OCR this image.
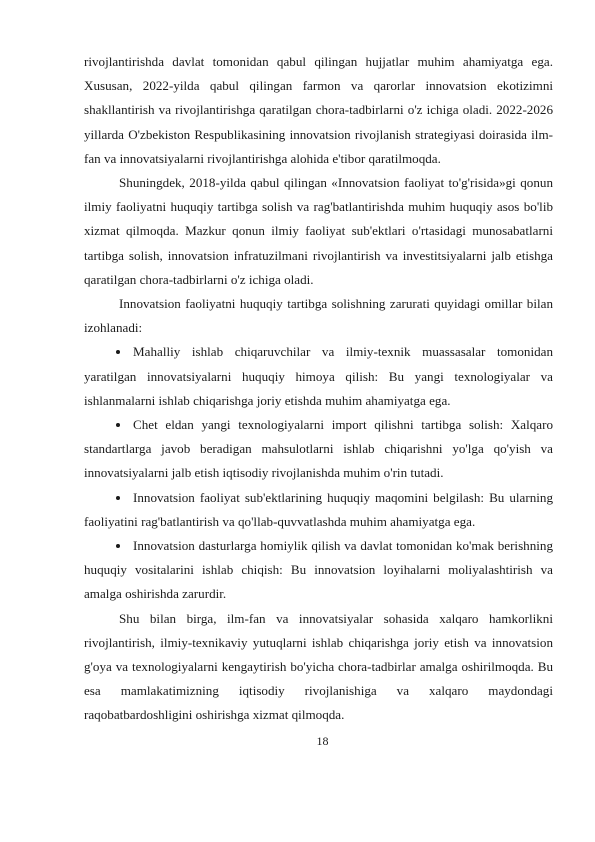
rivojlantirishda davlat tomonidan qabul qilingan hujjatlar muhim ahamiyatga ega. Xususan, 2022-yilda qabul qilingan farmon va qarorlar innovatsion ekotizimni shakllantirish va rivojlantirishga qaratilgan chora-tadbirlarni o'z ichiga oladi. 2022-2026 yillarda O'zbekiston Respublikasining innovatsion rivojlanish strategiyasi doirasida ilm-fan va innovatsiyalarni rivojlantirishga alohida e'tibor qaratilmoqda.

Shuningdek, 2018-yilda qabul qilingan «Innovatsion faoliyat to'g'risida»gi qonun ilmiy faoliyatni huquqiy tartibga solish va rag'batlantirishda muhim huquqiy asos bo'lib xizmat qilmoqda. Mazkur qonun ilmiy faoliyat sub'ektlari o'rtasidagi munosabatlarni tartibga solish, innovatsion infratuzilmani rivojlantirish va investitsiyalarni jalb etishga qaratilgan chora-tadbirlarni o'z ichiga oladi.

Innovatsion faoliyatni huquqiy tartibga solishning zarurati quyidagi omillar bilan izohlanadi:

Mahalliy ishlab chiqaruvchilar va ilmiy-texnik muassasalar tomonidan yaratilgan innovatsiyalarni huquqiy himoya qilish: Bu yangi texnologiyalar va ishlanmalarni ishlab chiqarishga joriy etishda muhim ahamiyatga ega.
Chet eldan yangi texnologiyalarni import qilishni tartibga solish: Xalqaro standartlarga javob beradigan mahsulotlarni ishlab chiqarishni yo'lga qo'yish va innovatsiyalarni jalb etish iqtisodiy rivojlanishda muhim o'rin tutadi.
Innovatsion faoliyat sub'ektlarining huquqiy maqomini belgilash: Bu ularning faoliyatini rag'batlantirish va qo'llab-quvvatlashda muhim ahamiyatga ega.
Innovatsion dasturlarga homiylik qilish va davlat tomonidan ko'mak berishning huquqiy vositalarini ishlab chiqish: Bu innovatsion loyihalarni moliyalashtirish va amalga oshirishda zarurdir.

Shu bilan birga, ilm-fan va innovatsiyalar sohasida xalqaro hamkorlikni rivojlantirish, ilmiy-texnikaviy yutuqlarni ishlab chiqarishga joriy etish va innovatsion g'oya va texnologiyalarni kengaytirish bo'yicha chora-tadbirlar amalga oshirilmoqda. Bu esa mamlakatimizning iqtisodiy rivojlanishiga va xalqaro maydondagi raqobatbardoshligini oshirishga xizmat qilmoqda.

18
